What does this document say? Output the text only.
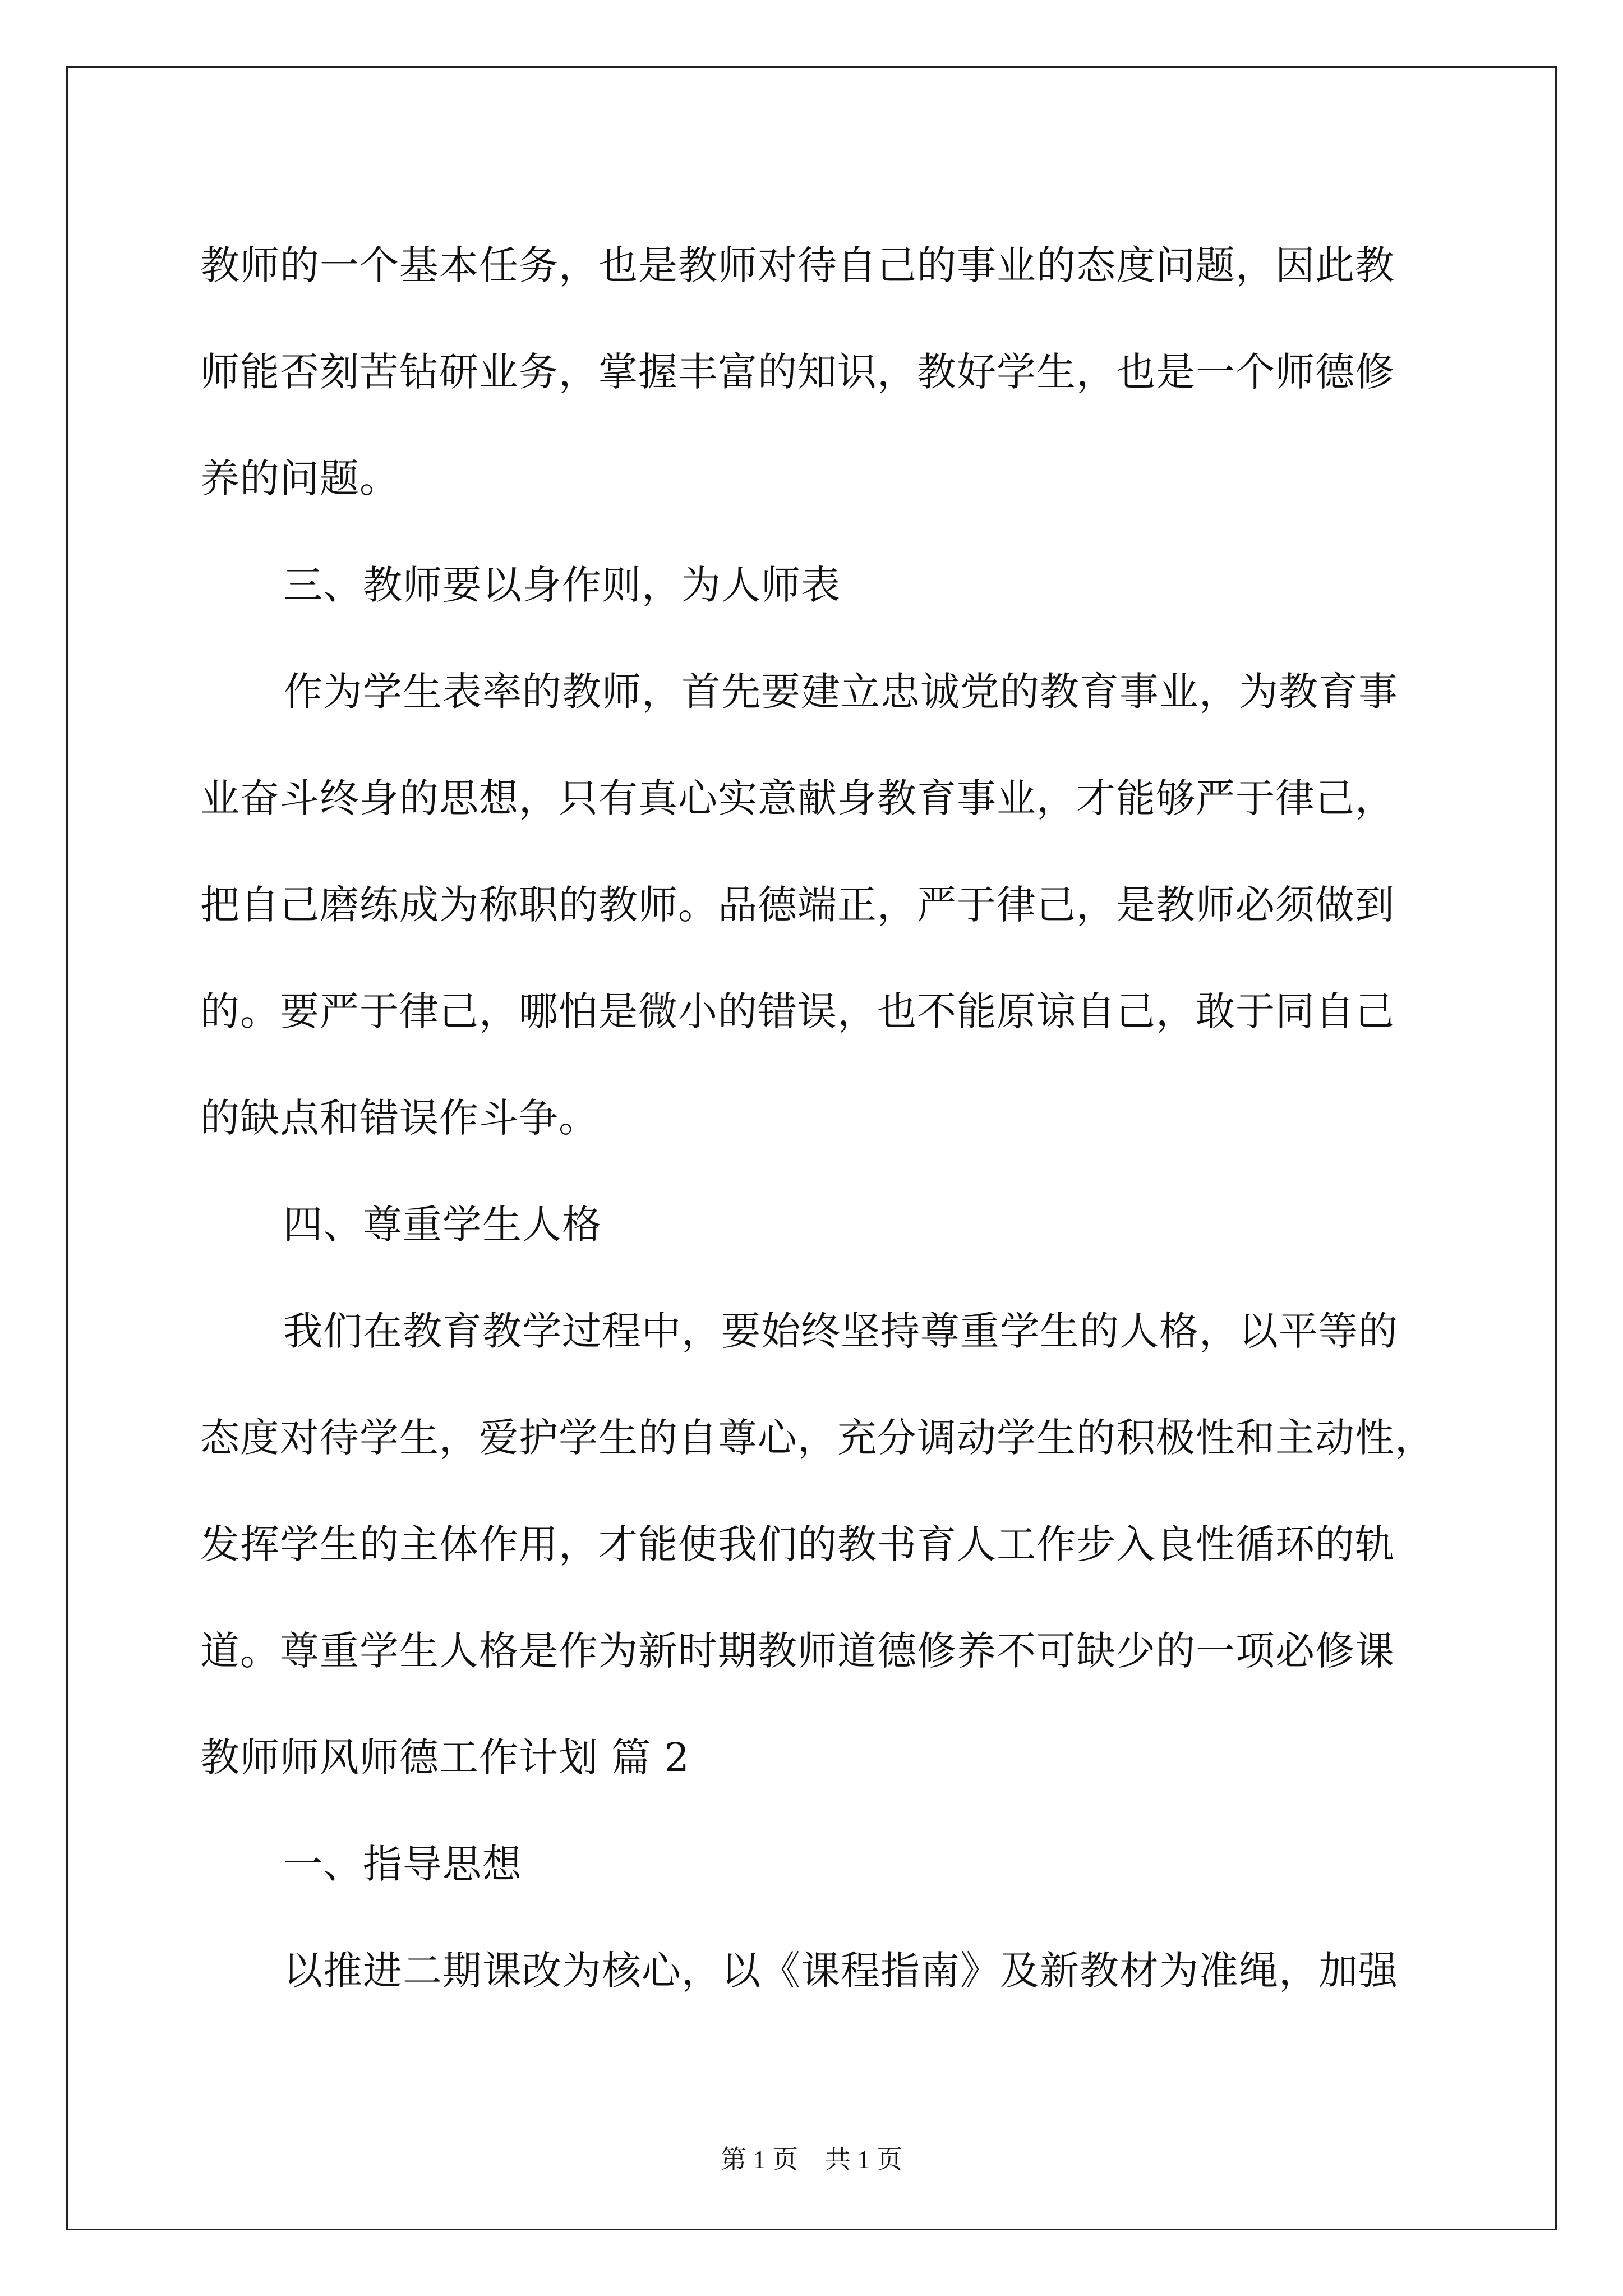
教师的一个基本任务，也是教师对待自己的事业的态度问题，因此教
师能否刻苦钻研业务，掌握丰富的知识，教好学生，也是一个师德修
养的问题。
三、教师要以身作则，为人师表
作为学生表率的教师，首先要建立忠诚党的教育事业，为教育事
业奋斗终身的思想，只有真心实意献身教育事业，才能够严于律己，
把自己磨练成为称职的教师。品德端正，严于律己，是教师必须做到
的。要严于律己，哪怕是微小的错误，也不能原谅自己，敢于同自己
的缺点和错误作斗争。
四、尊重学生人格
我们在教育教学过程中，要始终坚持尊重学生的人格，以平等的
态度对待学生，爱护学生的自尊心，充分调动学生的积极性和主动性，
发挥学生的主体作用，才能使我们的教书育人工作步入良性循环的轨
道。尊重学生人格是作为新时期教师道德修养不可缺少的一项必修课
教师师风师德工作计划 篇 2
一、指导思想
以推进二期课改为核心，以《课程指南》及新教材为准绳，加强
第 1 页 共 1 页
